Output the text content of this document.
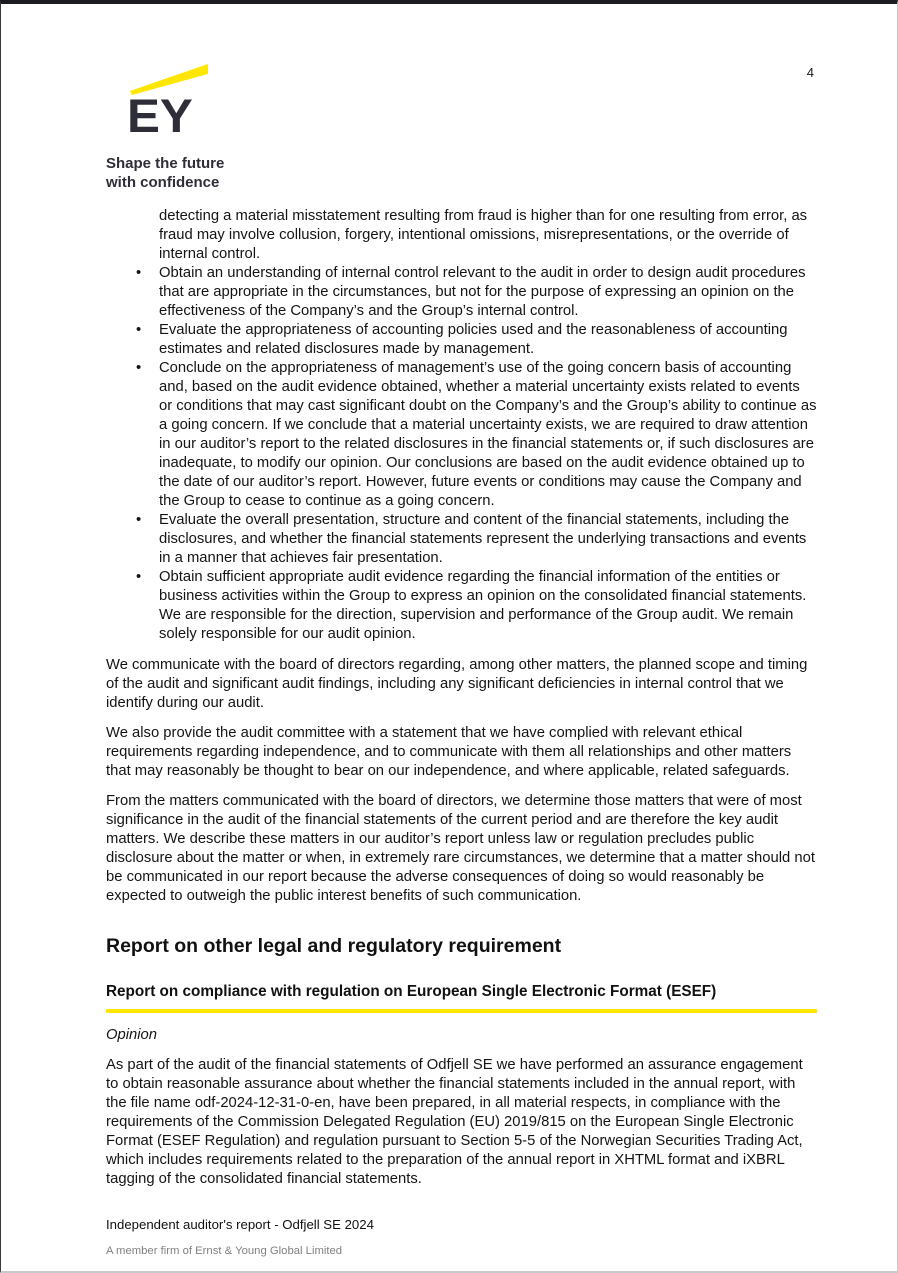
EY
Shape the future
with confidence
4
detecting a material misstatement resulting from fraud is higher than for one resulting from error, as fraud may involve collusion, forgery, intentional omissions, misrepresentations, or the override of internal control.
•	Obtain an understanding of internal control relevant to the audit in order to design audit procedures that are appropriate in the circumstances, but not for the purpose of expressing an opinion on the effectiveness of the Company’s and the Group’s internal control.
•	Evaluate the appropriateness of accounting policies used and the reasonableness of accounting estimates and related disclosures made by management.
•	Conclude on the appropriateness of management’s use of the going concern basis of accounting and, based on the audit evidence obtained, whether a material uncertainty exists related to events or conditions that may cast significant doubt on the Company’s and the Group’s ability to continue as a going concern. If we conclude that a material uncertainty exists, we are required to draw attention in our auditor’s report to the related disclosures in the financial statements or, if such disclosures are inadequate, to modify our opinion. Our conclusions are based on the audit evidence obtained up to the date of our auditor’s report. However, future events or conditions may cause the Company and the Group to cease to continue as a going concern.
•	Evaluate the overall presentation, structure and content of the financial statements, including the disclosures, and whether the financial statements represent the underlying transactions and events in a manner that achieves fair presentation.
•	Obtain sufficient appropriate audit evidence regarding the financial information of the entities or business activities within the Group to express an opinion on the consolidated financial statements. We are responsible for the direction, supervision and performance of the Group audit. We remain solely responsible for our audit opinion.

We communicate with the board of directors regarding, among other matters, the planned scope and timing of the audit and significant audit findings, including any significant deficiencies in internal control that we identify during our audit.

We also provide the audit committee with a statement that we have complied with relevant ethical requirements regarding independence, and to communicate with them all relationships and other matters that may reasonably be thought to bear on our independence, and where applicable, related safeguards.

From the matters communicated with the board of directors, we determine those matters that were of most significance in the audit of the financial statements of the current period and are therefore the key audit matters. We describe these matters in our auditor’s report unless law or regulation precludes public disclosure about the matter or when, in extremely rare circumstances, we determine that a matter should not be communicated in our report because the adverse consequences of doing so would reasonably be expected to outweigh the public interest benefits of such communication.

Report on other legal and regulatory requirement
Report on compliance with regulation on European Single Electronic Format (ESEF)
Opinion

As part of the audit of the financial statements of Odfjell SE we have performed an assurance engagement to obtain reasonable assurance about whether the financial statements included in the annual report, with the file name odf-2024-12-31-0-en, have been prepared, in all material respects, in compliance with the requirements of the Commission Delegated Regulation (EU) 2019/815 on the European Single Electronic Format (ESEF Regulation) and regulation pursuant to Section 5-5 of the Norwegian Securities Trading Act, which includes requirements related to the preparation of the annual report in XHTML format and iXBRL tagging of the consolidated financial statements.

Independent auditor's report - Odfjell SE 2024
A member firm of Ernst & Young Global Limited
